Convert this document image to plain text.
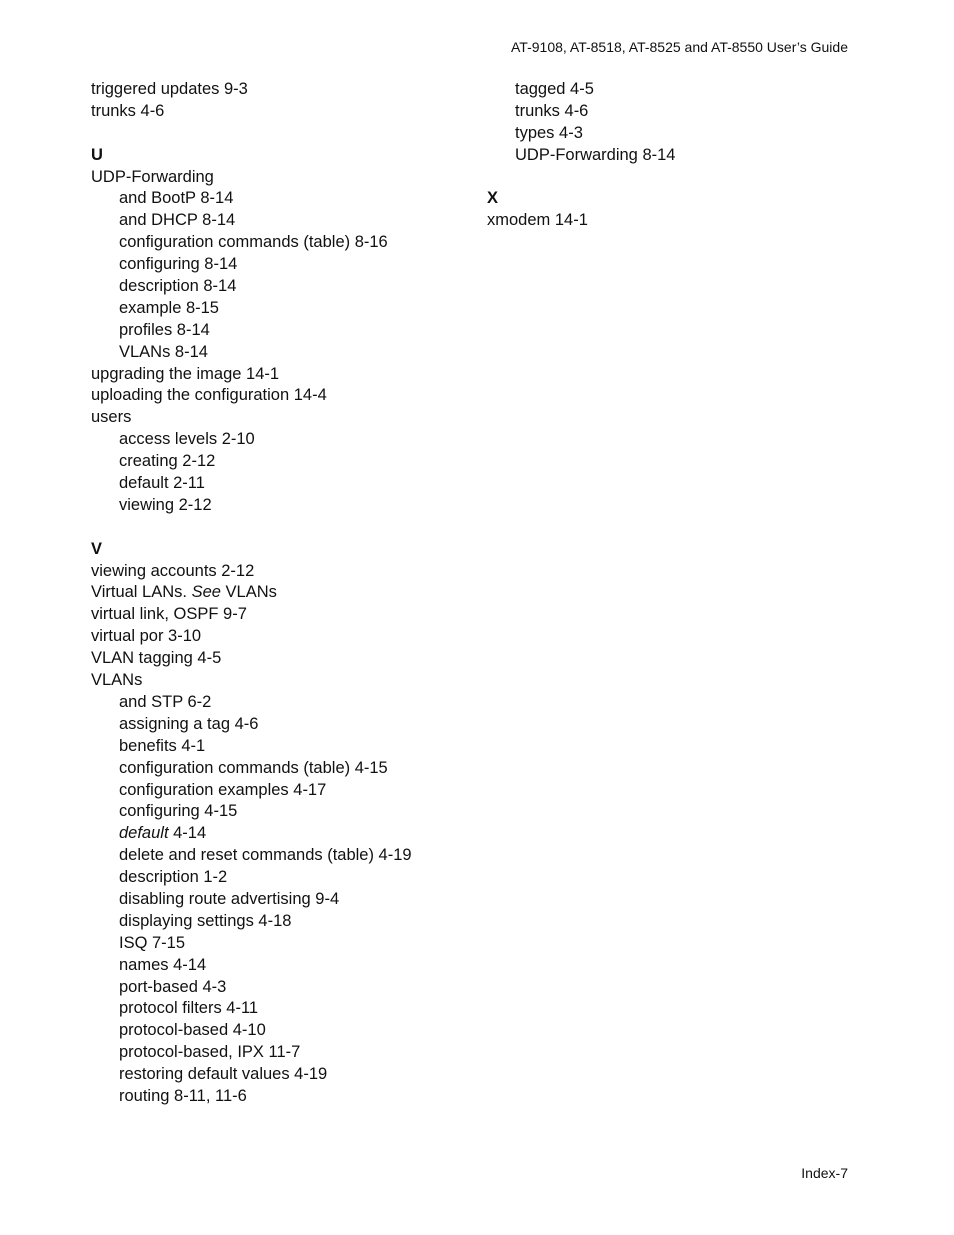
AT-9108, AT-8518, AT-8525 and AT-8550 User’s Guide
triggered updates 9-3
trunks 4-6
U
UDP-Forwarding
and BootP 8-14
and DHCP 8-14
configuration commands (table) 8-16
configuring 8-14
description 8-14
example 8-15
profiles 8-14
VLANs 8-14
upgrading the image 14-1
uploading the configuration 14-4
users
access levels 2-10
creating 2-12
default 2-11
viewing 2-12
V
viewing accounts 2-12
Virtual LANs. See VLANs
virtual link, OSPF 9-7
virtual por 3-10
VLAN tagging 4-5
VLANs
and STP 6-2
assigning a tag 4-6
benefits 4-1
configuration commands (table) 4-15
configuration examples 4-17
configuring 4-15
default 4-14
delete and reset commands (table) 4-19
description 1-2
disabling route advertising 9-4
displaying settings 4-18
ISQ 7-15
names 4-14
port-based 4-3
protocol filters 4-11
protocol-based 4-10
protocol-based, IPX 11-7
restoring default values 4-19
routing 8-11, 11-6
tagged 4-5
trunks 4-6
types 4-3
UDP-Forwarding 8-14
X
xmodem 14-1
Index-7
